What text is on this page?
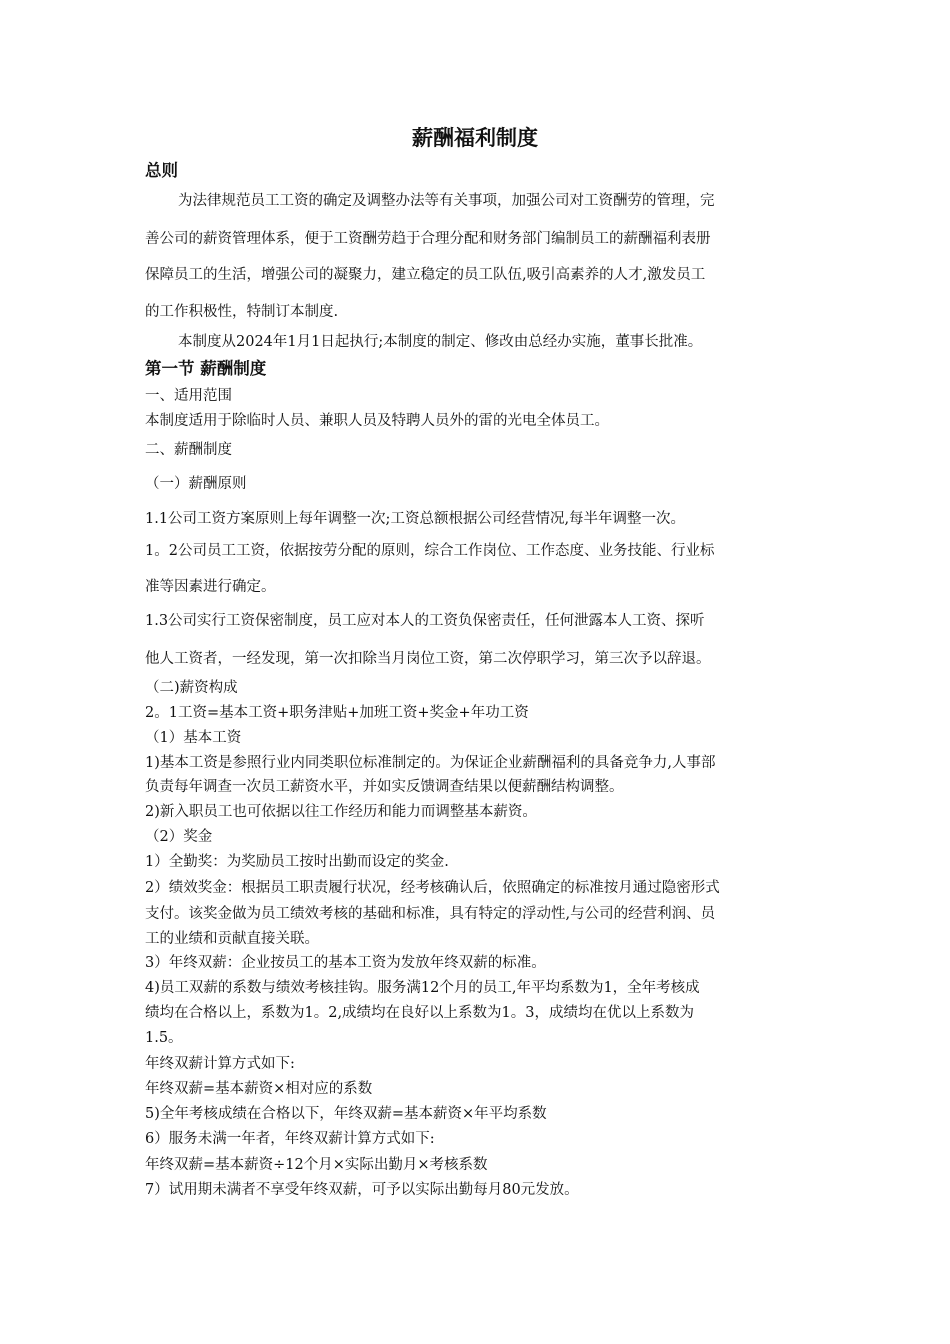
薪酬福利制度
总则
为法律规范员工工资的确定及调整办法等有关事项，加强公司对工资酬劳的管理，完
善公司的薪资管理体系，便于工资酬劳趋于合理分配和财务部门编制员工的薪酬福利表册
保障员工的生活，增强公司的凝聚力，建立稳定的员工队伍,吸引高素养的人才,激发员工
的工作积极性，特制订本制度.
本制度从2024年1月1日起执行;本制度的制定、修改由总经办实施，董事长批准。
第一节 薪酬制度
一、适用范围
本制度适用于除临时人员、兼职人员及特聘人员外的雷的光电全体员工。
二、薪酬制度
（一）薪酬原则
1.1公司工资方案原则上每年调整一次;工资总额根据公司经营情况,每半年调整一次。
1。2公司员工工资，依据按劳分配的原则，综合工作岗位、工作态度、业务技能、行业标
准等因素进行确定。
1.3公司实行工资保密制度，员工应对本人的工资负保密责任，任何泄露本人工资、探听
他人工资者，一经发现，第一次扣除当月岗位工资，第二次停职学习，第三次予以辞退。
（二)薪资构成
2。1工资=基本工资+职务津贴+加班工资+奖金+年功工资
（1）基本工资
1)基本工资是参照行业内同类职位标准制定的。为保证企业薪酬福利的具备竞争力,人事部
负责每年调查一次员工薪资水平，并如实反馈调查结果以便薪酬结构调整。
2)新入职员工也可依据以往工作经历和能力而调整基本薪资。
（2）奖金
1）全勤奖：为奖励员工按时出勤而设定的奖金.
2）绩效奖金：根据员工职责履行状况，经考核确认后，依照确定的标准按月通过隐密形式
支付。该奖金做为员工绩效考核的基础和标准，具有特定的浮动性,与公司的经营利润、员
工的业绩和贡献直接关联。
3）年终双薪：企业按员工的基本工资为发放年终双薪的标准。
4)员工双薪的系数与绩效考核挂钩。服务满12个月的员工,年平均系数为1，全年考核成
绩均在合格以上，系数为1。2,成绩均在良好以上系数为1。3，成绩均在优以上系数为
1.5。
年终双薪计算方式如下:
年终双薪=基本薪资×相对应的系数
5)全年考核成绩在合格以下，年终双薪=基本薪资×年平均系数
6）服务未满一年者，年终双薪计算方式如下:
年终双薪=基本薪资÷12个月×实际出勤月×考核系数
7）试用期未满者不享受年终双薪，可予以实际出勤每月80元发放。
